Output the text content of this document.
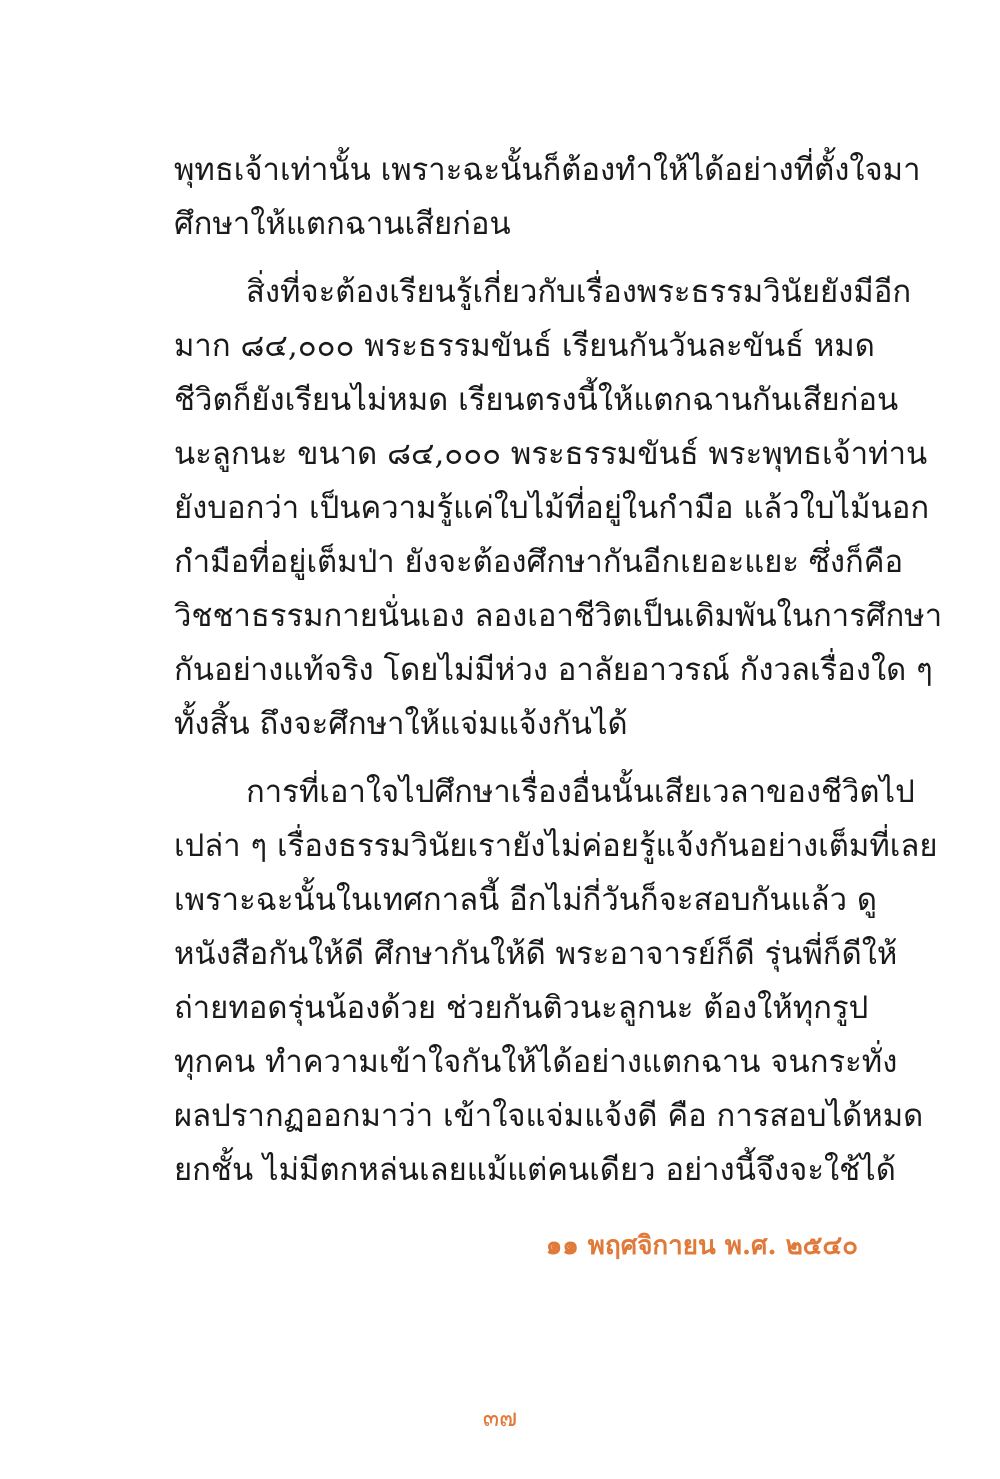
พุทธเจ้าเท่านั้น เพราะฉะนั้นก็ต้องทำให้ได้อย่างที่ตั้งใจมา
ศึกษาให้แตกฉานเสียก่อน
สิ่งที่จะต้องเรียนรู้เกี่ยวกับเรื่องพระธรรมวินัยยังมีอีก
มาก ๘๔,๐๐๐ พระธรรมขันธ์ เรียนกันวันละขันธ์ หมด
ชีวิตก็ยังเรียนไม่หมด เรียนตรงนี้ให้แตกฉานกันเสียก่อน
นะลูกนะ ขนาด ๘๔,๐๐๐ พระธรรมขันธ์ พระพุทธเจ้าท่าน
ยังบอกว่า เป็นความรู้แค่ใบไม้ที่อยู่ในกำมือ แล้วใบไม้นอก
กำมือที่อยู่เต็มป่า ยังจะต้องศึกษากันอีกเยอะแยะ ซึ่งก็คือ
วิชชาธรรมกายนั่นเอง ลองเอาชีวิตเป็นเดิมพันในการศึกษา
กันอย่างแท้จริง โดยไม่มีห่วง อาลัยอาวรณ์ กังวลเรื่องใด ๆ
ทั้งสิ้น ถึงจะศึกษาให้แจ่มแจ้งกันได้
การที่เอาใจไปศึกษาเรื่องอื่นนั้นเสียเวลาของชีวิตไป
เปล่า ๆ เรื่องธรรมวินัยเรายังไม่ค่อยรู้แจ้งกันอย่างเต็มที่เลย
เพราะฉะนั้นในเทศกาลนี้ อีกไม่กี่วันก็จะสอบกันแล้ว ดู
หนังสือกันให้ดี ศึกษากันให้ดี พระอาจารย์ก็ดี รุ่นพี่ก็ดีให้
ถ่ายทอดรุ่นน้องด้วย ช่วยกันติวนะลูกนะ ต้องให้ทุกรูป
ทุกคน ทำความเข้าใจกันให้ได้อย่างแตกฉาน จนกระทั่ง
ผลปรากฏออกมาว่า เข้าใจแจ่มแจ้งดี คือ การสอบได้หมด
ยกชั้น ไม่มีตกหล่นเลยแม้แต่คนเดียว อย่างนี้จึงจะใช้ได้
๑๑ พฤศจิกายน พ.ศ. ๒๕๔๐
๓๗
